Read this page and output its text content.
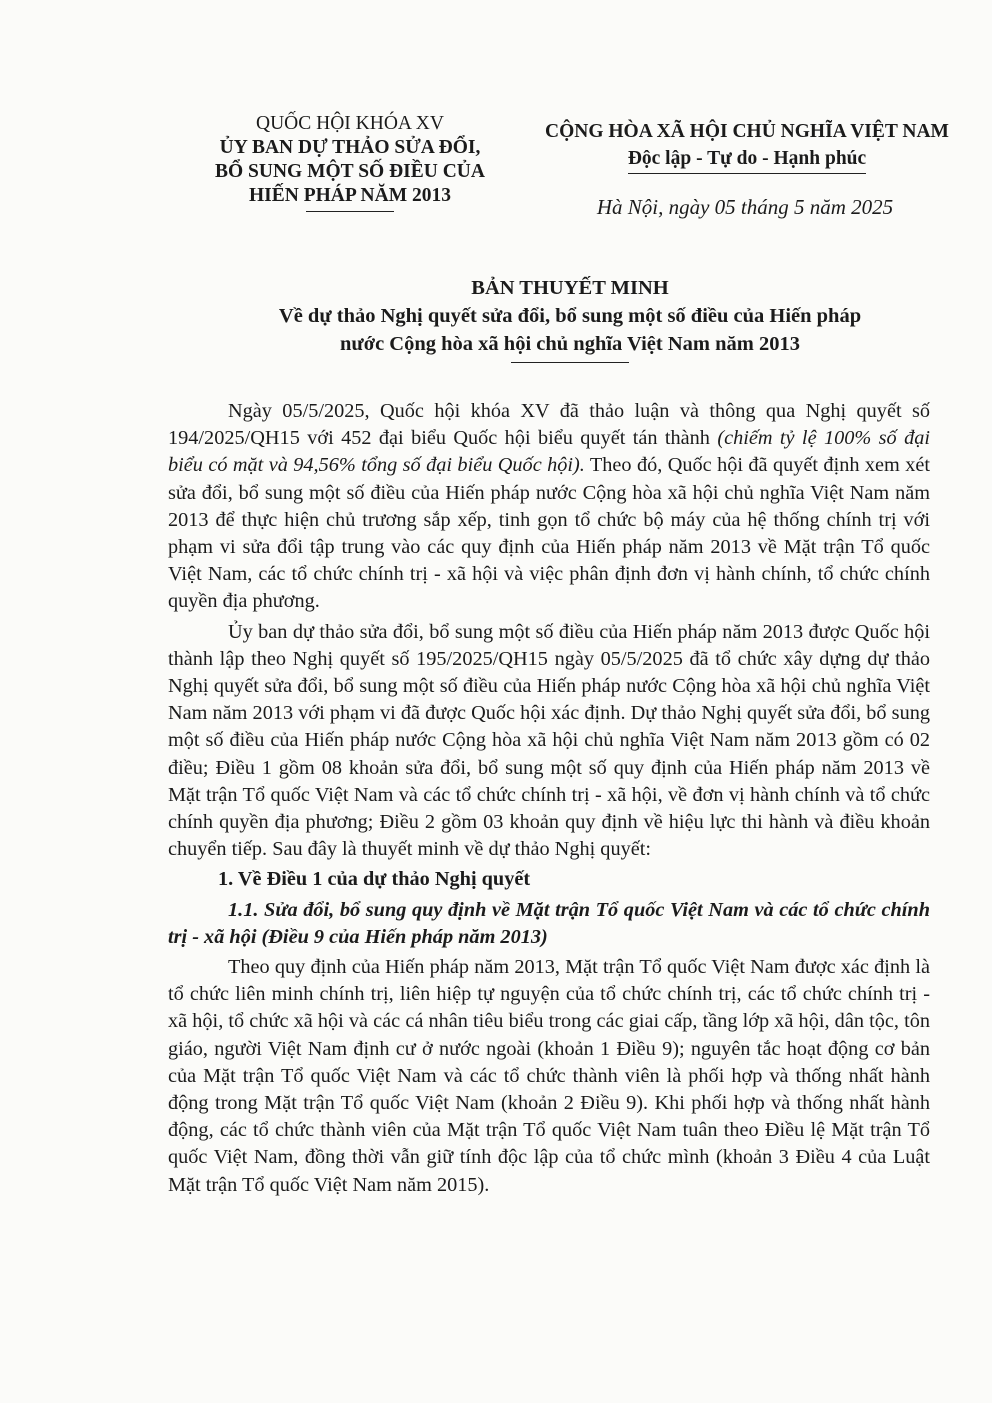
QUỐC HỘI KHÓA XV
ỦY BAN DỰ THẢO SỬA ĐỔI,
BỔ SUNG MỘT SỐ ĐIỀU CỦA
HIẾN PHÁP NĂM 2013
CỘNG HÒA XÃ HỘI CHỦ NGHĨA VIỆT NAM
Độc lập - Tự do - Hạnh phúc
Hà Nội, ngày 05 tháng 5 năm 2025
BẢN THUYẾT MINH
Về dự thảo Nghị quyết sửa đổi, bổ sung một số điều của Hiến pháp
nước Cộng hòa xã hội chủ nghĩa Việt Nam năm 2013

Ngày 05/5/2025, Quốc hội khóa XV đã thảo luận và thông qua Nghị quyết số 194/2025/QH15 với 452 đại biểu Quốc hội biểu quyết tán thành (chiếm tỷ lệ 100% số đại biểu có mặt và 94,56% tổng số đại biểu Quốc hội). Theo đó, Quốc hội đã quyết định xem xét sửa đổi, bổ sung một số điều của Hiến pháp nước Cộng hòa xã hội chủ nghĩa Việt Nam năm 2013 để thực hiện chủ trương sắp xếp, tinh gọn tổ chức bộ máy của hệ thống chính trị với phạm vi sửa đổi tập trung vào các quy định của Hiến pháp năm 2013 về Mặt trận Tổ quốc Việt Nam, các tổ chức chính trị - xã hội và việc phân định đơn vị hành chính, tổ chức chính quyền địa phương.

Ủy ban dự thảo sửa đổi, bổ sung một số điều của Hiến pháp năm 2013 được Quốc hội thành lập theo Nghị quyết số 195/2025/QH15 ngày 05/5/2025 đã tổ chức xây dựng dự thảo Nghị quyết sửa đổi, bổ sung một số điều của Hiến pháp nước Cộng hòa xã hội chủ nghĩa Việt Nam năm 2013 với phạm vi đã được Quốc hội xác định. Dự thảo Nghị quyết sửa đổi, bổ sung một số điều của Hiến pháp nước Cộng hòa xã hội chủ nghĩa Việt Nam năm 2013 gồm có 02 điều; Điều 1 gồm 08 khoản sửa đổi, bổ sung một số quy định của Hiến pháp năm 2013 về Mặt trận Tổ quốc Việt Nam và các tổ chức chính trị - xã hội, về đơn vị hành chính và tổ chức chính quyền địa phương; Điều 2 gồm 03 khoản quy định về hiệu lực thi hành và điều khoản chuyển tiếp. Sau đây là thuyết minh về dự thảo Nghị quyết:

1. Về Điều 1 của dự thảo Nghị quyết

1.1. Sửa đổi, bổ sung quy định về Mặt trận Tổ quốc Việt Nam và các tổ chức chính trị - xã hội (Điều 9 của Hiến pháp năm 2013)

Theo quy định của Hiến pháp năm 2013, Mặt trận Tổ quốc Việt Nam được xác định là tổ chức liên minh chính trị, liên hiệp tự nguyện của tổ chức chính trị, các tổ chức chính trị - xã hội, tổ chức xã hội và các cá nhân tiêu biểu trong các giai cấp, tầng lớp xã hội, dân tộc, tôn giáo, người Việt Nam định cư ở nước ngoài (khoản 1 Điều 9); nguyên tắc hoạt động cơ bản của Mặt trận Tổ quốc Việt Nam và các tổ chức thành viên là phối hợp và thống nhất hành động trong Mặt trận Tổ quốc Việt Nam (khoản 2 Điều 9). Khi phối hợp và thống nhất hành động, các tổ chức thành viên của Mặt trận Tổ quốc Việt Nam tuân theo Điều lệ Mặt trận Tổ quốc Việt Nam, đồng thời vẫn giữ tính độc lập của tổ chức mình (khoản 3 Điều 4 của Luật Mặt trận Tổ quốc Việt Nam năm 2015).
